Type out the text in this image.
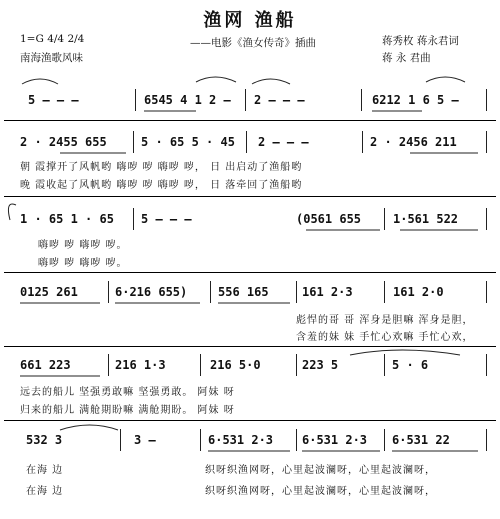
渔网 渔船
1=G 4/4 2/4
南海渔歌风味
——电影《渔女传奇》插曲	蒋秀枚 蒋永君词
蒋 永 君曲
5 — — —	6545 4 1 2 — 2 — — —	6212 1 6 5 —
2 · 2455 655	5 · 65 5 · 45 2 — — —	2 · 2456 211
朝 霞撑开了风帆哟 嗨哕 哕 嗨哕 哕， 日 出启动了渔船哟
晚 霞收起了风帆哟 嗨哕 哕 嗨哕 哕， 日 落牵回了渔船哟
1 · 65 1 · 65 5 — — —	(0561 655	1·561 522
嗨哕 哕 嗨哕 哕。
嗨哕 哕 嗨哕 哕。
0125 261	6·216 655)	556 165	161 2·3	161 2·0
彪悍的哥 哥 浑身是胆嘛 浑身是胆，
含羞的妹 妹 手忙心欢嘛 手忙心欢，
661 223	216 1·3	216 5·0	223 5	5 · 6
远去的船儿 坚强勇敢嘛 坚强勇敢。 阿妹 呀
归来的船儿 满舱期盼嘛 满舱期盼。 阿妹 呀
532 3	3 —	6·531 2·3 6·531 2·3 6·531 22
在海 边
在海 边
织呀织渔网呀，心里起波澜呀，心里起波澜呀，
织呀织渔网呀，心里起波澜呀，心里起波澜呀，
